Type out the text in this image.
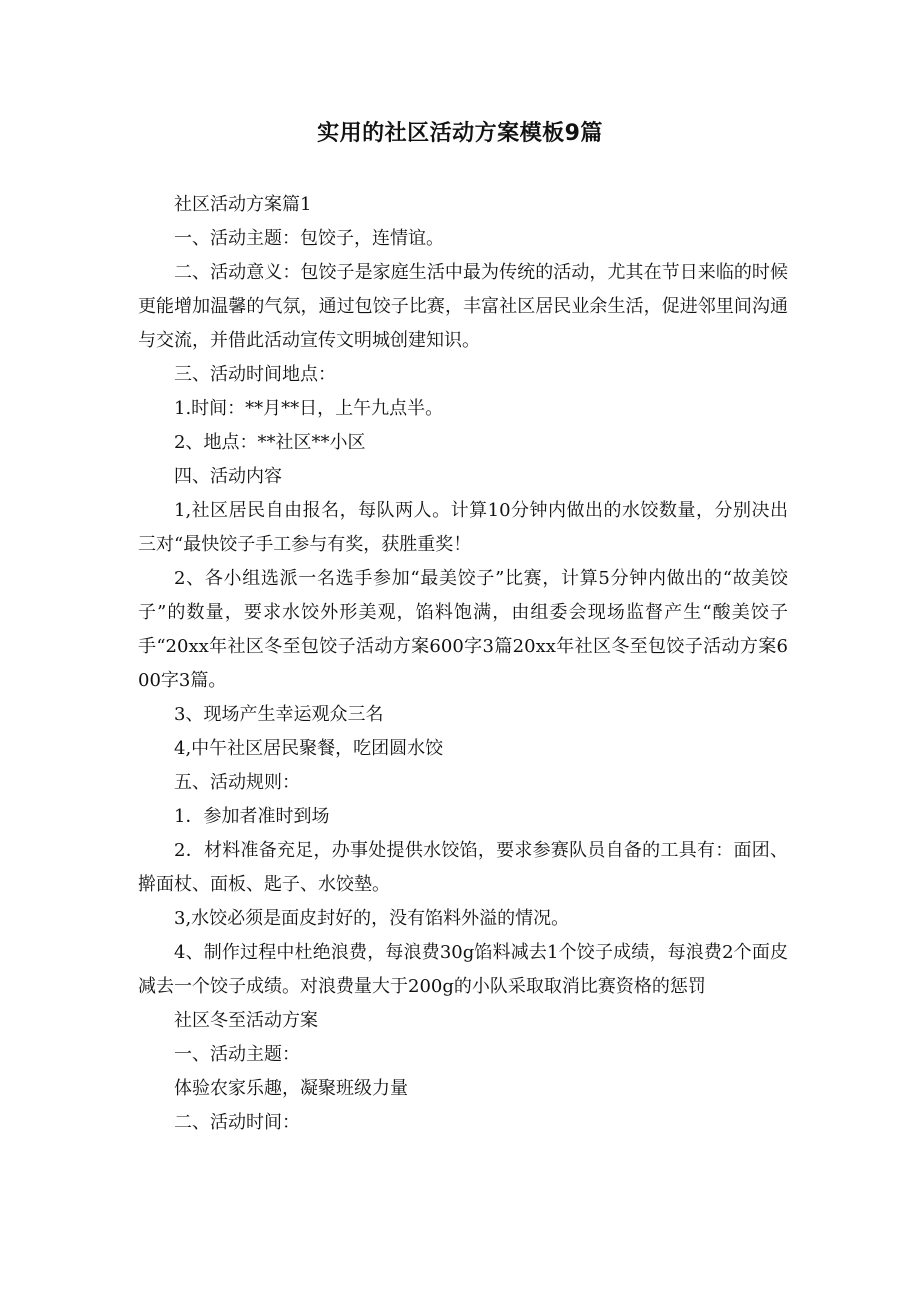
实用的社区活动方案模板9篇

社区活动方案篇1

一、活动主题：包饺子，连情谊。

二、活动意义：包饺子是家庭生活中最为传统的活动，尤其在节日来临的时候更能增加温馨的气氛，通过包饺子比赛，丰富社区居民业余生活，促进邻里间沟通与交流，并借此活动宣传文明城创建知识。

三、活动时间地点：

1.时间：**月**日，上午九点半。

2、地点：**社区**小区

四、活动内容

1,社区居民自由报名，每队两人。计算10分钟内做出的水饺数量，分别决出三对“最快饺子手工参与有奖，获胜重奖！

2、各小组选派一名选手参加“最美饺子”比赛，计算5分钟内做出的“故美饺子”的数量，要求水饺外形美观，馅料饱满，由组委会现场监督产生“酸美饺子手“20xx年社区冬至包饺子活动方案600字3篇20xx年社区冬至包饺子活动方案600字3篇。

3、现场产生幸运观众三名

4,中午社区居民聚餐，吃团圆水饺

五、活动规则：

1．参加者准时到场

2．材料准备充足，办事处提供水饺馅，要求参赛队员自备的工具有：面团、擀面杖、面板、匙子、水饺墊。

3,水饺必须是面皮封好的，没有馅料外溢的情况。

4、制作过程中杜绝浪费，每浪费30g馅料减去1个饺子成绩，每浪费2个面皮减去一个饺子成绩。对浪费量大于200g的小队采取取消比赛资格的惩罚

社区冬至活动方案

一、活动主题：

体验农家乐趣，凝聚班级力量

二、活动时间：
